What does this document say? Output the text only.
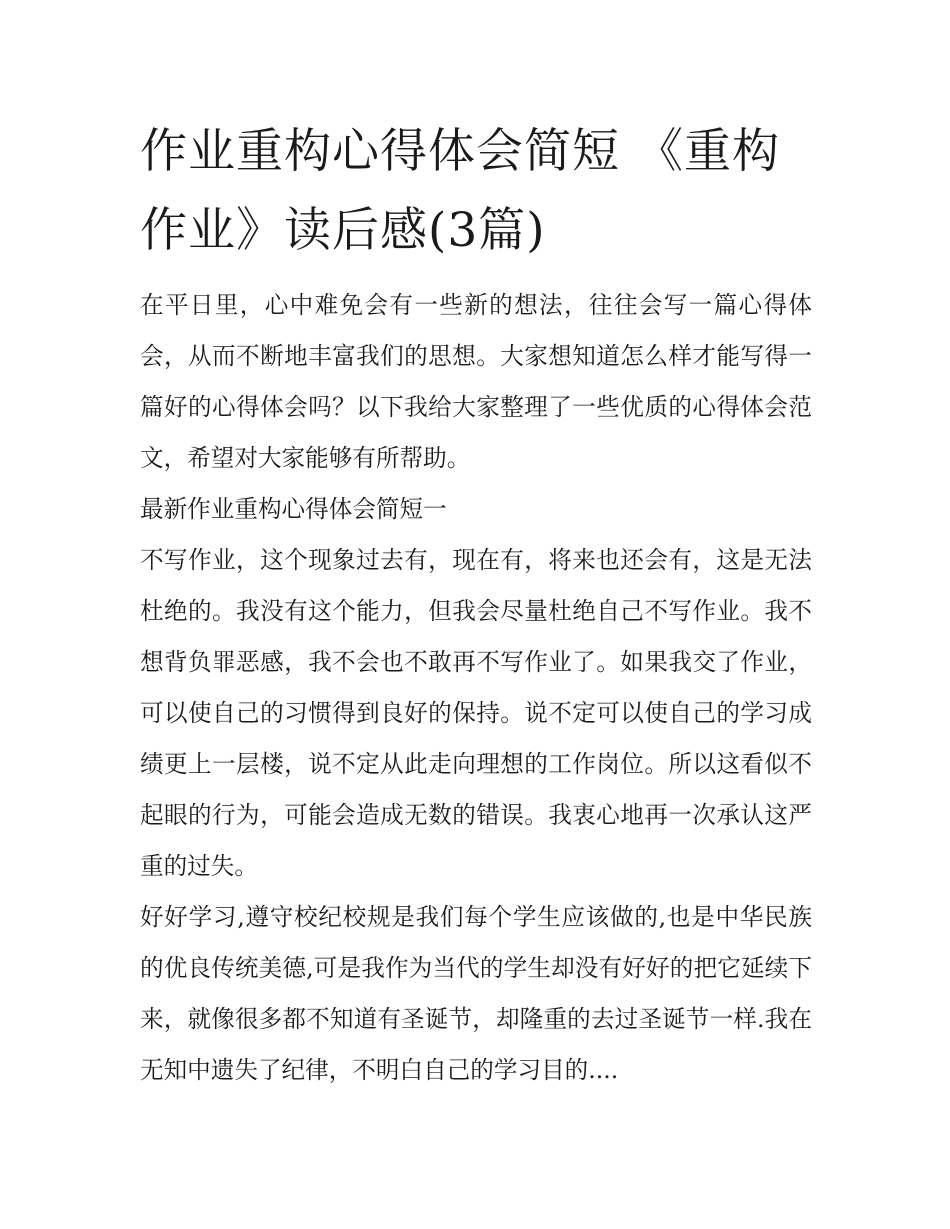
作业重构心得体会简短 《重构作业》读后感(3篇)

在平日里，心中难免会有一些新的想法，往往会写一篇心得体会，从而不断地丰富我们的思想。大家想知道怎么样才能写得一篇好的心得体会吗？以下我给大家整理了一些优质的心得体会范文，希望对大家能够有所帮助。

最新作业重构心得体会简短一

不写作业，这个现象过去有，现在有，将来也还会有，这是无法杜绝的。我没有这个能力，但我会尽量杜绝自己不写作业。我不想背负罪恶感，我不会也不敢再不写作业了。如果我交了作业，可以使自己的习惯得到良好的保持。说不定可以使自己的学习成绩更上一层楼，说不定从此走向理想的工作岗位。所以这看似不起眼的行为，可能会造成无数的错误。我衷心地再一次承认这严重的过失。

好好学习,遵守校纪校规是我们每个学生应该做的,也是中华民族的优良传统美德,可是我作为当代的学生却没有好好的把它延续下来，就像很多都不知道有圣诞节，却隆重的去过圣诞节一样.我在无知中遗失了纪律，不明白自己的学习目的....
